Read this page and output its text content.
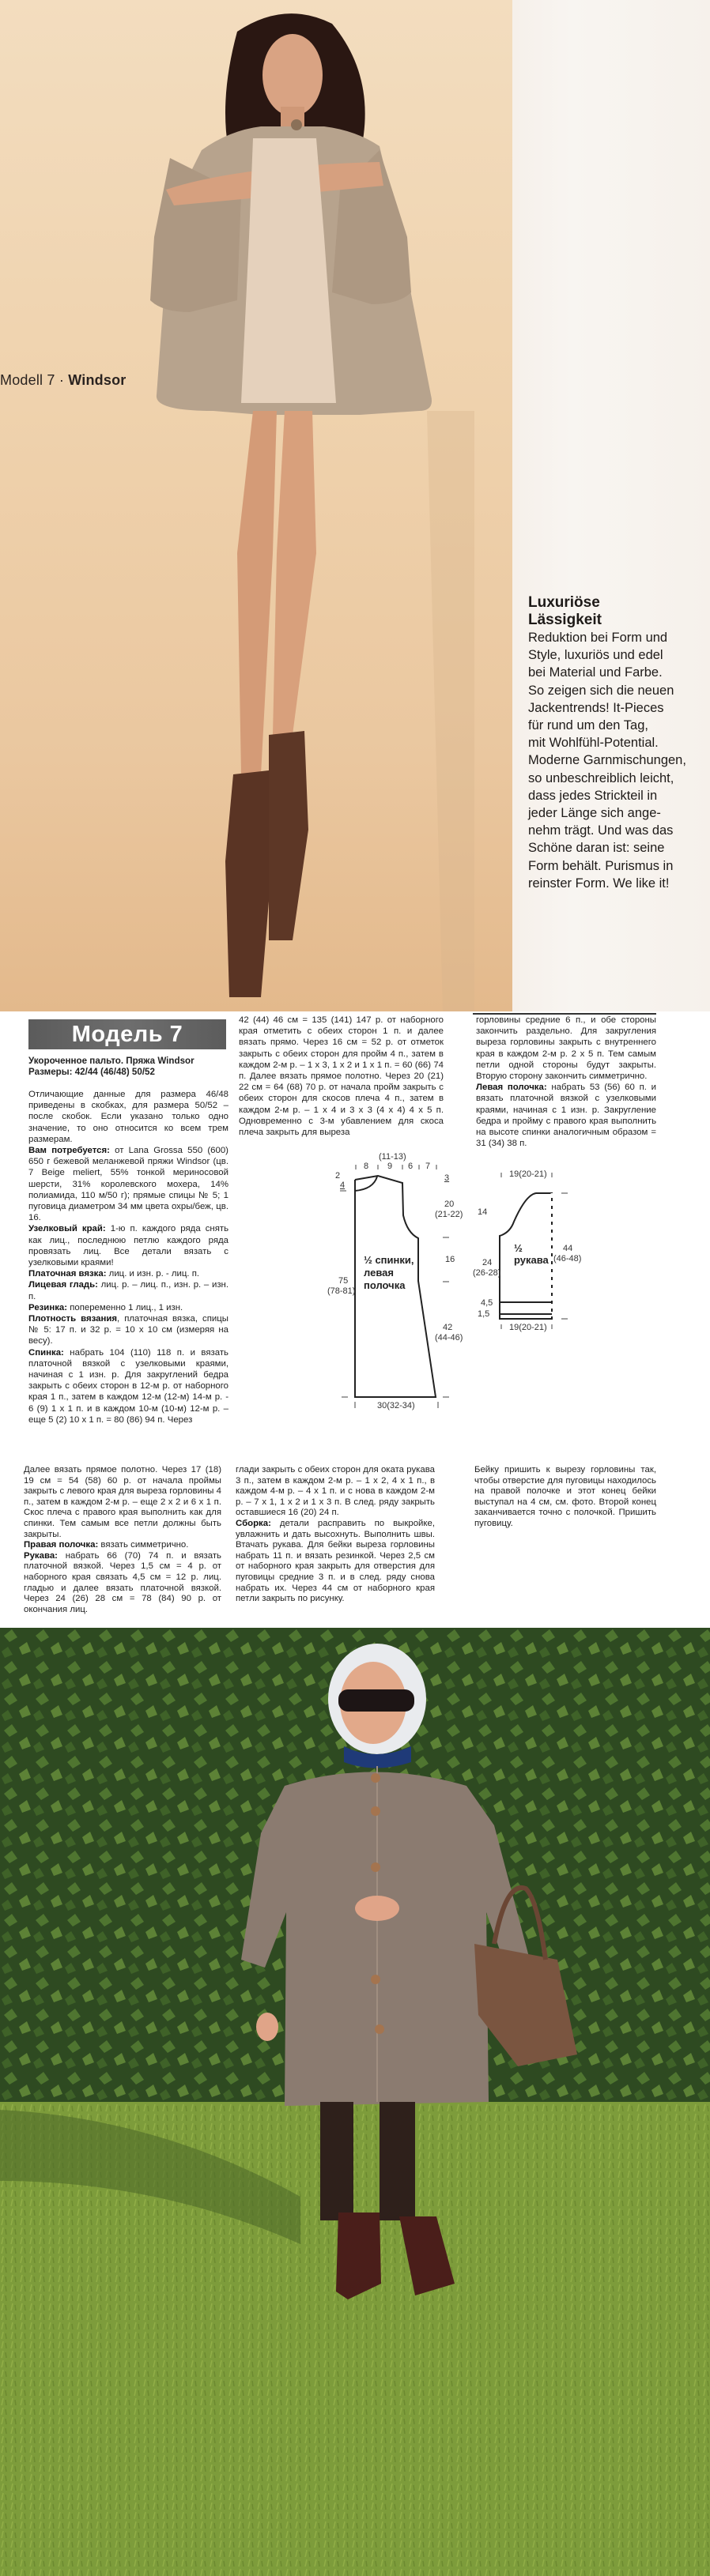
Modell 7 · Windsor
Luxuriöse
Lässigkeit
Reduktion bei Form und
Style, luxuriös und edel
bei Material und Farbe.
So zeigen sich die neuen
Jackentrends! It-Pieces
für rund um den Tag,
mit Wohlfühl-Potential.
Moderne Garnmischungen,
so unbeschreiblich leicht,
dass jedes Strickteil in
jeder Länge sich ange-
nehm trägt. Und was das
Schöne daran ist: seine
Form behält. Purismus in
reinster Form. We like it!
Модель 7
Укороченное пальто. Пряжа Windsor
Размеры: 42/44 (46/48) 50/52
Отличающие данные для размера 46/48 приведены в скобках, для размера 50/52 – после скобок. Если указано только одно значение, то оно относится ко всем трем размерам.
Вам потребуется: от Lana Grossa 550 (600) 650 г бежевой меланжевой пряжи Windsor (цв. 7 Beige meliert, 55% тонкой мериносовой шерсти, 31% королевского мохера, 14% полиамида, 110 м/50 г); прямые спицы № 5; 1 пуговица диаметром 34 мм цвета охры/беж, цв. 16.
Узелковый край: 1-ю п. каждого ряда снять как лиц., последнюю петлю каждого ряда провязать лиц. Все детали вязать с узелковыми краями!
Платочная вязка: лиц. и изн. р. - лиц. п.
Лицевая гладь: лиц. р. – лиц. п., изн. р. – изн. п.
Резинка: попеременно 1 лиц., 1 изн.
Плотность вязания, платочная вязка, спицы № 5: 17 п. и 32 р. = 10 х 10 см (измеряя на весу).
Спинка: набрать 104 (110) 118 п. и вязать платочной вязкой с узелковыми краями, начиная с 1 изн. р. Для закруглений бедра закрыть с обеих сторон в 12-м р. от наборного края 1 п., затем в каждом 12-м (12-м) 14-м р. - 6 (9) 1 х 1 п. и в каждом 10-м (10-м) 12-м р. – еще 5 (2) 10 х 1 п. = 80 (86) 94 п. Через
42 (44) 46 см = 135 (141) 147 р. от наборного края отметить с обеих сторон 1 п. и далее вязать прямо. Через 16 см = 52 р. от отметок закрыть с обеих сторон для пройм 4 п., затем в каждом 2-м р. – 1 х 3, 1 х 2 и 1 х 1 п. = 60 (66) 74 п. Далее вязать прямое полотно. Через 20 (21) 22 см = 64 (68) 70 р. от начала пройм закрыть с обеих сторон для скосов плеча 4 п., затем в каждом 2-м р. – 1 х 4 и 3 х 3 (4 х 4) 4 х 5 п. Одновременно с 3-м убавлением для скоса плеча закрыть для выреза
горловины средние 6 п., и обе стороны закончить раздельно. Для закругления выреза горловины закрыть с внутреннего края в каждом 2-м р. 2 х 5 п. Тем самым петли одной стороны будут закрыты. Вторую сторону закончить симметрично.
Левая полочка: набрать 53 (56) 60 п. и вязать платочной вязкой с узелковыми краями, начиная с 1 изн. р. Закругление бедра и пройму с правого края выполнить на высоте спинки аналогичным образом = 31 (34) 38 п.
(11-13)
8 9 6 7
2
4
3
20
(21-22)
16
42
(44-46)
75
(78-81)
30(32-34)
½ спинки, левая полочка
19(20-21)
14
½
рукава
44
(46-48)
24
(26-28)
4,5
1,5
19(20-21)
Далее вязать прямое полотно. Через 17 (18) 19 см = 54 (58) 60 р. от начала проймы закрыть с левого края для выреза горловины 4 п., затем в каждом 2-м р. – еще 2 х 2 и 6 х 1 п. Скос плеча с правого края выполнить как для спинки. Тем самым все петли должны быть закрыты.
Правая полочка: вязать симметрично.
Рукава: набрать 66 (70) 74 п. и вязать платочной вязкой. Через 1,5 см = 4 р. от наборного края связать 4,5 см = 12 р. лиц. гладью и далее вязать платочной вязкой. Через 24 (26) 28 см = 78 (84) 90 р. от окончания лиц.
глади закрыть с обеих сторон для оката рукава 3 п., затем в каждом 2-м р. – 1 х 2, 4 х 1 п., в каждом 4-м р. – 4 х 1 п. и с нова в каждом 2-м р. – 7 х 1, 1 х 2 и 1 х 3 п. В след. ряду закрыть оставшиеся 16 (20) 24 п.
Сборка: детали расправить по выкройке, увлажнить и дать высохнуть. Выполнить швы. Втачать рукава. Для бейки выреза горловины набрать 11 п. и вязать резинкой. Через 2,5 см от наборного края закрыть для отверстия для пуговицы средние 3 п. и в след. ряду снова набрать их. Через 44 см от наборного края петли закрыть по рисунку.
Бейку пришить к вырезу горловины так, чтобы отверстие для пуговицы находилось на правой полочке и этот конец бейки выступал на 4 см, см. фото. Второй конец заканчивается точно с полочкой. Пришить пуговицу.
